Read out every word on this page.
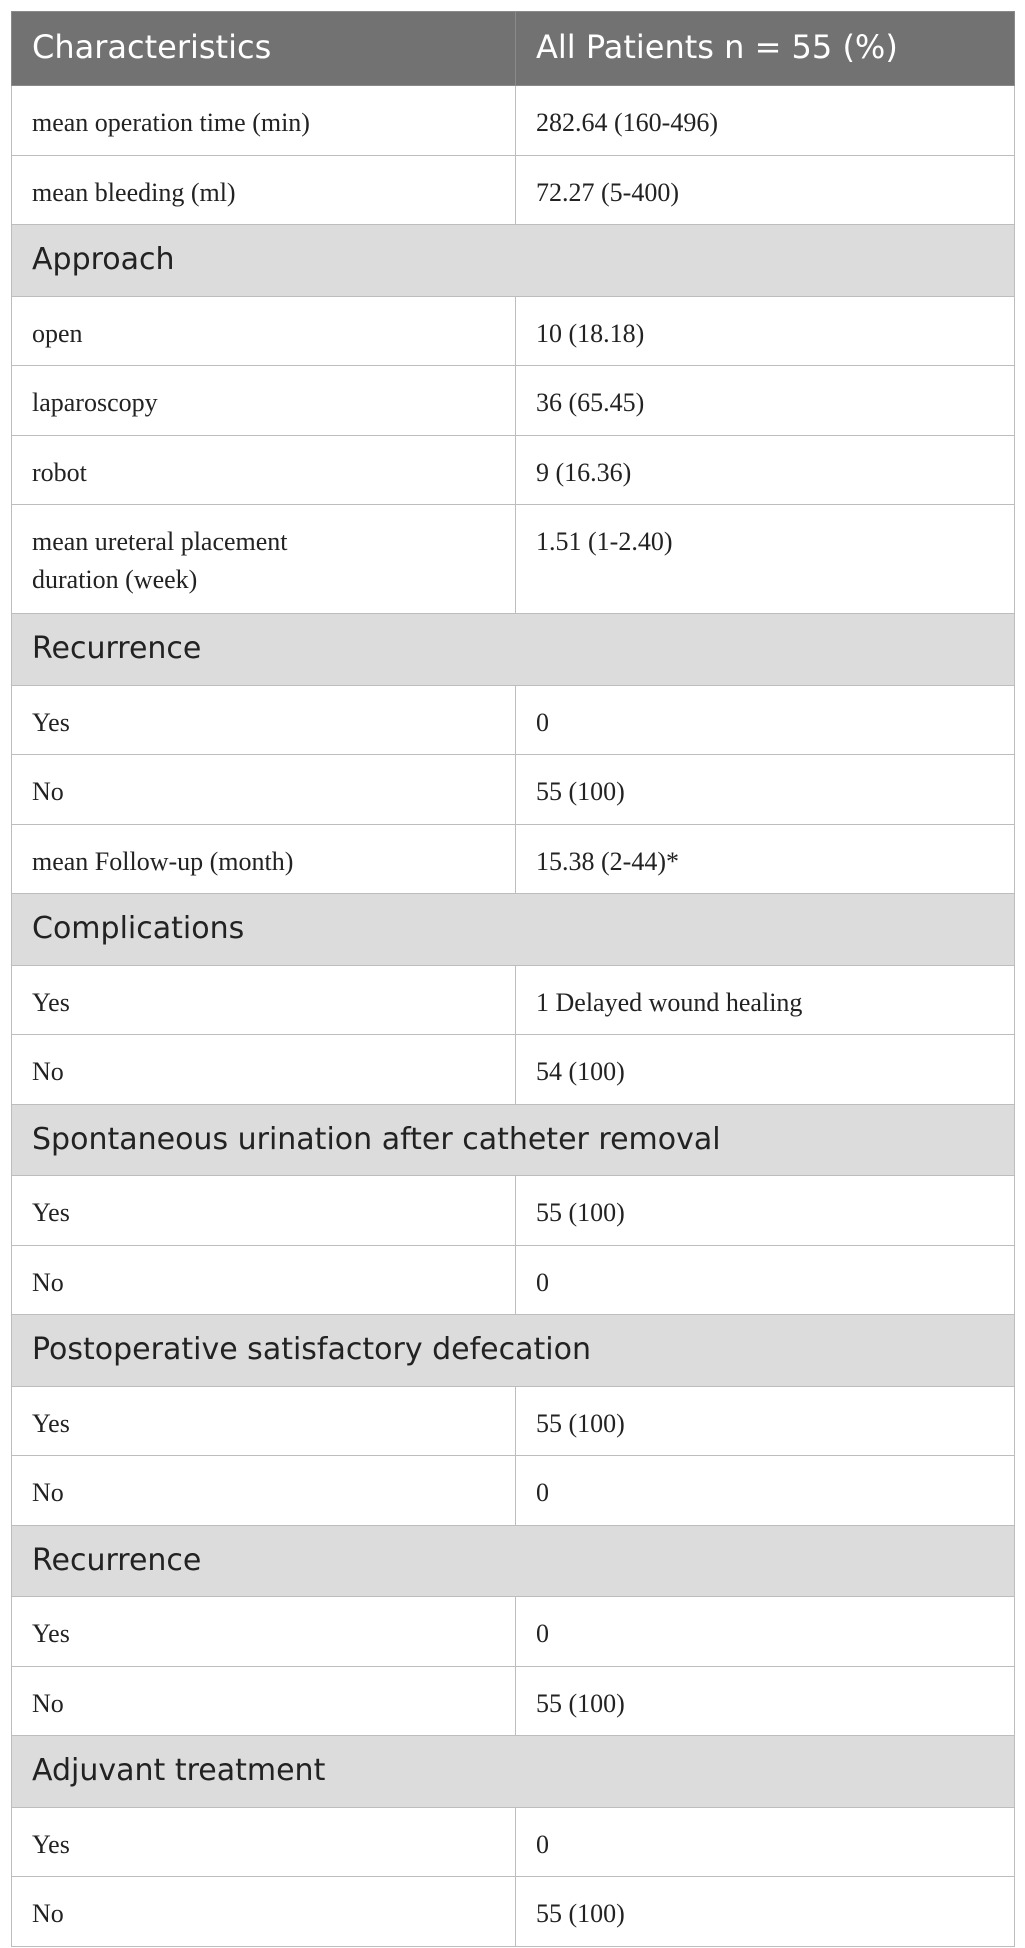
Characteristics	All Patients n = 55 (%)
mean operation time (min)	282.64 (160-496)
mean bleeding (ml)	72.27 (5-400)
Approach	
open	10 (18.18)
laparoscopy	36 (65.45)
robot	9 (16.36)

mean ureteral placement duration (week)	1.51 (1-2.40)
Recurrence	
Yes	0
No	55 (100)
mean Follow-up (month)	15.38 (2-44)*
Complications	
Yes	1 Delayed wound healing
No	54 (100)
Spontaneous urination after catheter removal	
Yes	55 (100)
No	0
Postoperative satisfactory defecation	
Yes	55 (100)
No	0
Recurrence	
Yes	0
No	55 (100)
Adjuvant treatment	
Yes	0
No	55 (100)
